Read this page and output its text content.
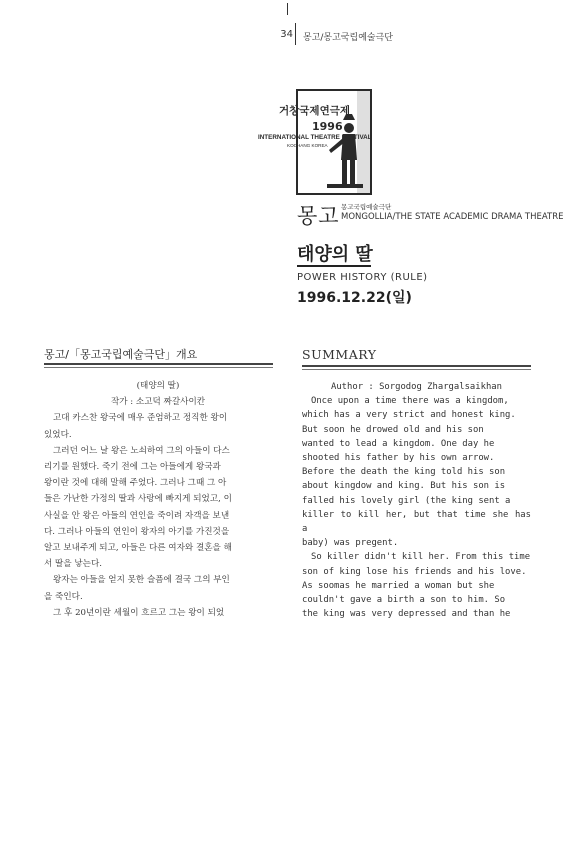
34 몽고/몽고국립예술극단
거창국제연극제
1996
INTERNATIONAL THEATRE FESTIVAL
KOCHANG KOREA
몽고 몽고국립예술극단
MONGOLLIA/THE STATE ACADEMIC DRAMA THEATRE
태양의 딸
POWER HISTORY (RULE)
1996.12.22(일)
몽고/「몽고국립예술극단」개요

(태양의 딸)

작가 : 소고덕 짜갈사이칸

고대 카스찬 왕국에 매우 준엄하고 정직한 왕이

있었다.

그러던 어느 날 왕은 노쇠하여 그의 아들이 다스

리기를 원했다. 죽기 전에 그는 아들에게 왕국과

왕이란 것에 대해 말해 주었다. 그러나 그때 그 아

들은 가난한 가정의 딸과 사랑에 빠지게 되었고, 이

사실을 안 왕은 아들의 연인을 죽이려 자객을 보낸

다. 그러나 아들의 연인이 왕자의 아기를 가진것을

알고 보내주게 되고, 아들은 다른 여자와 결혼을 해

서 딸을 낳는다.

왕자는 아들을 얻지 못한 슬픔에 결국 그의 부인

을 죽인다.

그 후 20년이란 세월이 흐르고 그는 왕이 되었

SUMMARY

Author : Sorgodog Zhargalsaikhan

Once upon a time there was a kingdom,

which has a very strict and honest king.

But soon he drowed old and his son

wanted to lead a kingdom. One day he

shooted his father by his own arrow.

Before the death the king told his son

about kingdow and king. But his son is

falled his lovely girl (the king sent a

killer to kill her, but that time she has a

baby) was pregent.

So killer didn't kill her. From this time

son of king lose his friends and his love.

As soomas he married a woman but she

couldn't gave a birth a son to him. So

the king was very depressed and than he
